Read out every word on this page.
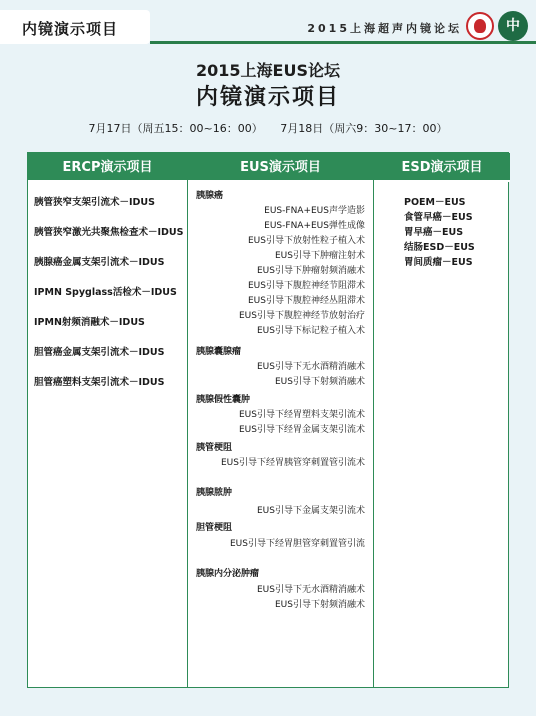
内镜演示项目	2015上海超声内镜论坛	中
2015上海EUS论坛
内镜演示项目
7月17日（周五15：00~16：00） 7月18日（周六9：30~17：00）
ERCP演示项目
胰管狭窄支架引流术－IDUS
胰管狭窄激光共聚焦检查术－IDUS
胰腺癌金属支架引流术－IDUS
IPMN Spyglass活检术－IDUS
IPMN射频消融术－IDUS
胆管癌金属支架引流术－IDUS
胆管癌塑料支架引流术－IDUS
EUS演示项目
胰腺癌
EUS-FNA+EUS声学造影
EUS-FNA+EUS弹性成像
EUS引导下放射性粒子植入术
EUS引导下肿瘤注射术
EUS引导下肿瘤射频消融术
EUS引导下腹腔神经节阻滞术
EUS引导下腹腔神经丛阻滞术
EUS引导下腹腔神经节放射治疗
EUS引导下标记粒子植入术
胰腺囊腺瘤
EUS引导下无水酒精消融术
EUS引导下射频消融术
胰腺假性囊肿
EUS引导下经胃塑料支架引流术
EUS引导下经胃金属支架引流术
胰管梗阻
EUS引导下经胃胰管穿刺置管引流术
胰腺脓肿
EUS引导下金属支架引流术
胆管梗阻
EUS引导下经胃胆管穿刺置管引流
胰腺内分泌肿瘤
EUS引导下无水酒精消融术
EUS引导下射频消融术
ESD演示项目
POEM－EUS
食管早癌－EUS
胃早癌－EUS
结肠ESD－EUS
胃间质瘤－EUS
